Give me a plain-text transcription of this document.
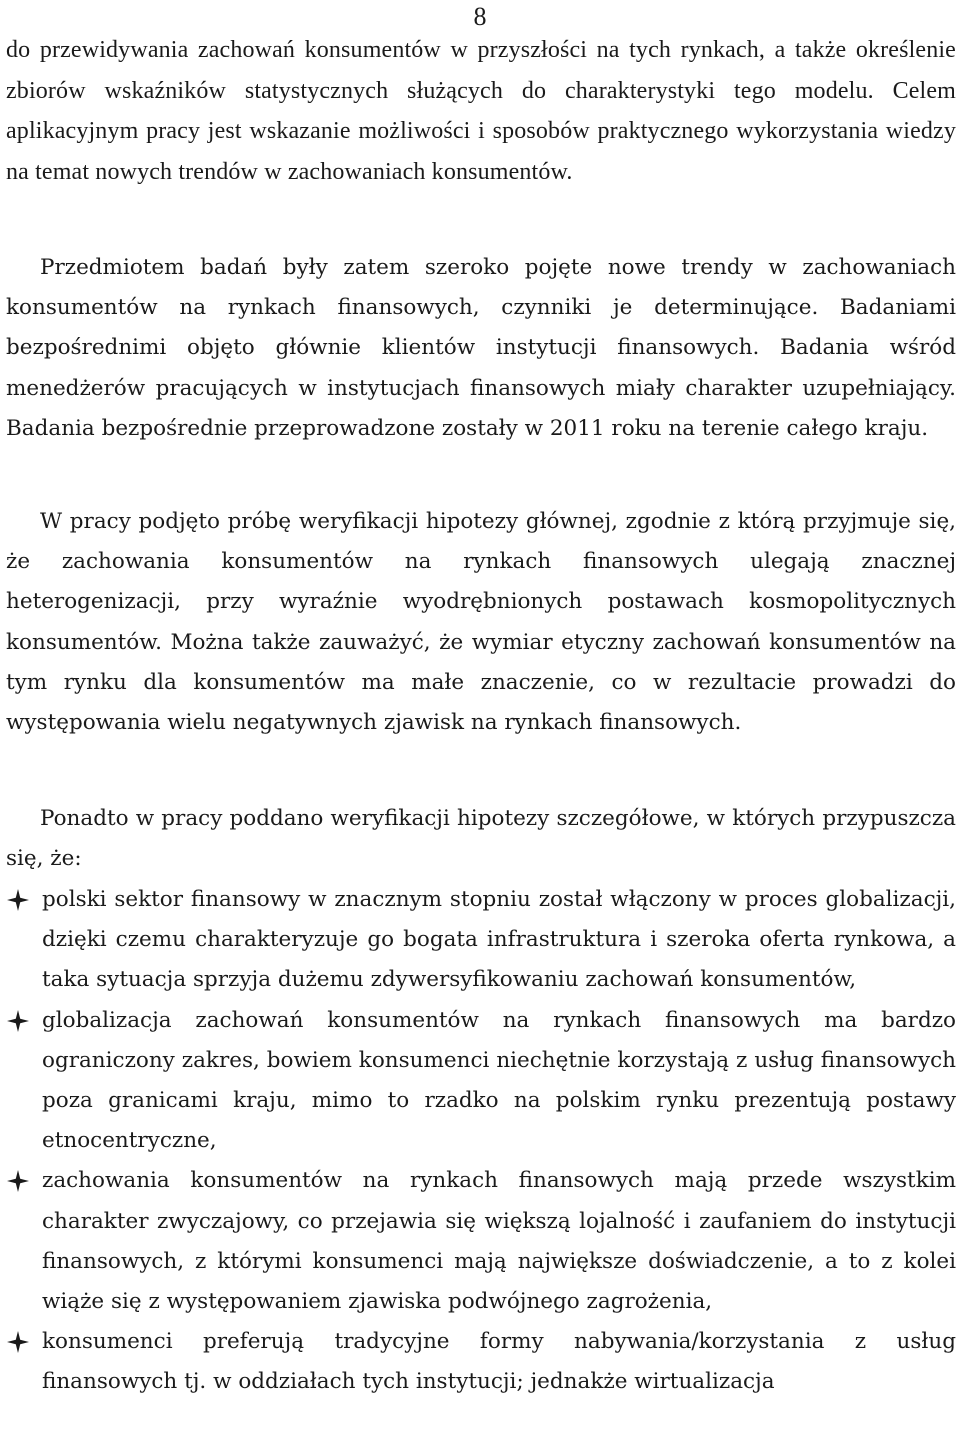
8

do przewidywania zachowań konsumentów w przyszłości na tych rynkach, a także określenie zbiorów wskaźników statystycznych służących do charakterystyki tego modelu. Celem aplikacyjnym pracy jest wskazanie możliwości i sposobów praktycznego wykorzystania wiedzy na temat nowych trendów w zachowaniach konsumentów.

Przedmiotem badań były zatem szeroko pojęte nowe trendy w zachowaniach konsumentów na rynkach finansowych, czynniki je determinujące. Badaniami bezpośrednimi objęto głównie klientów instytucji finansowych. Badania wśród menedżerów pracujących w instytucjach finansowych miały charakter uzupełniający. Badania bezpośrednie przeprowadzone zostały w 2011 roku na terenie całego kraju.

W pracy podjęto próbę weryfikacji hipotezy głównej, zgodnie z którą przyjmuje się, że zachowania konsumentów na rynkach finansowych ulegają znacznej heterogenizacji, przy wyraźnie wyodrębnionych postawach kosmopolitycznych konsumentów. Można także zauważyć, że wymiar etyczny zachowań konsumentów na tym rynku dla konsumentów ma małe znaczenie, co w rezultacie prowadzi do występowania wielu negatywnych zjawisk na rynkach finansowych.

Ponadto w pracy poddano weryfikacji hipotezy szczegółowe, w których przypuszcza się, że:

polski sektor finansowy w znacznym stopniu został włączony w proces globalizacji, dzięki czemu charakteryzuje go bogata infrastruktura i szeroka oferta rynkowa, a taka sytuacja sprzyja dużemu zdywersyfikowaniu zachowań konsumentów,
globalizacja zachowań konsumentów na rynkach finansowych ma bardzo ograniczony zakres, bowiem konsumenci niechętnie korzystają z usług finansowych poza granicami kraju, mimo to rzadko na polskim rynku prezentują postawy etnocentryczne,
zachowania konsumentów na rynkach finansowych mają przede wszystkim charakter zwyczajowy, co przejawia się większą lojalność i zaufaniem do instytucji finansowych, z którymi konsumenci mają największe doświadczenie, a to z kolei wiąże się z występowaniem zjawiska podwójnego zagrożenia,
konsumenci preferują tradycyjne formy nabywania/korzystania z usług finansowych tj. w oddziałach tych instytucji; jednakże wirtualizacja
